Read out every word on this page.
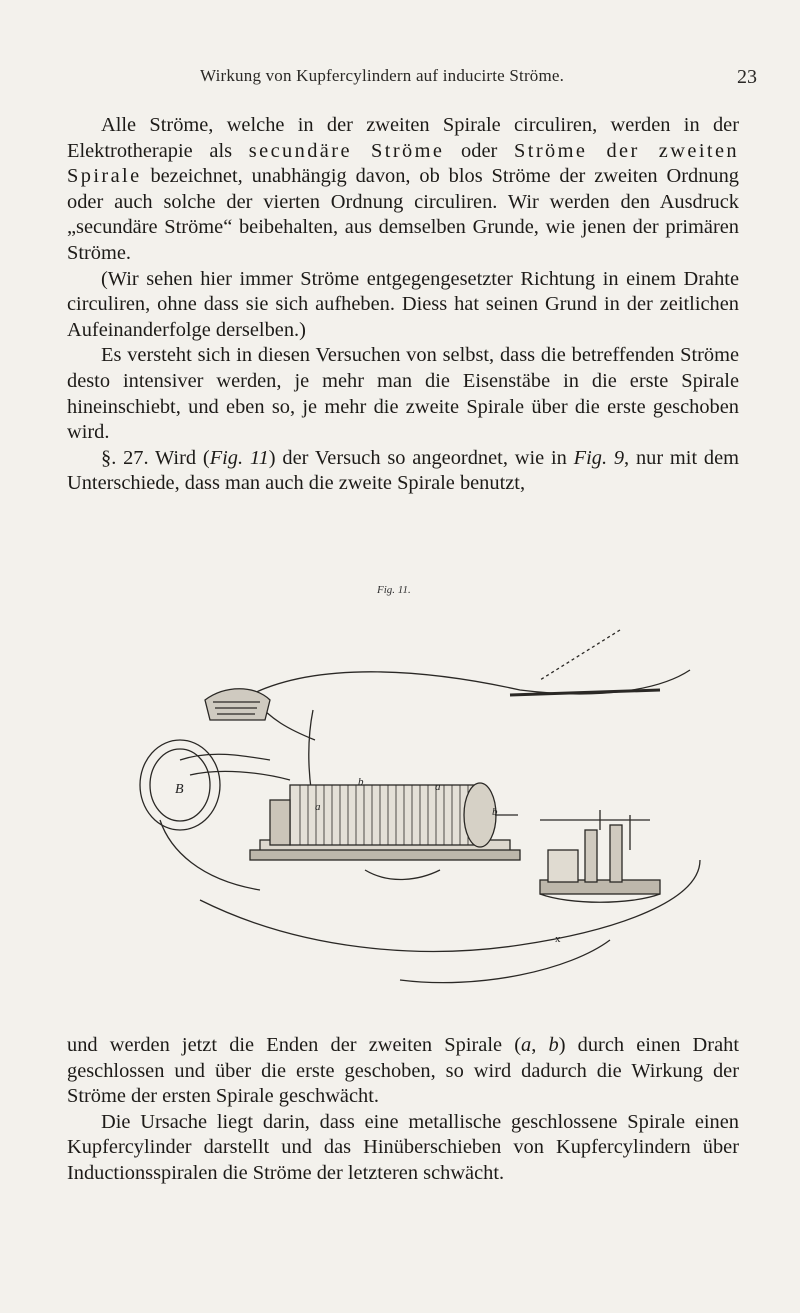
Wirkung von Kupfercylindern auf inducirte Ströme.	23

Alle Ströme, welche in der zweiten Spirale circuliren, werden in der Elektrotherapie als secundäre Ströme oder Ströme der zweiten Spirale bezeichnet, unabhängig davon, ob blos Ströme der zweiten Ordnung oder auch solche der vierten Ordnung circuliren. Wir werden den Ausdruck „secundäre Ströme“ beibehalten, aus demselben Grunde, wie jenen der primären Ströme.

(Wir sehen hier immer Ströme entgegengesetzter Richtung in einem Drahte circuliren, ohne dass sie sich aufheben. Diess hat seinen Grund in der zeitlichen Aufeinanderfolge derselben.)

Es versteht sich in diesen Versuchen von selbst, dass die betreffenden Ströme desto intensiver werden, je mehr man die Eisenstäbe in die erste Spirale hineinschiebt, und eben so, je mehr die zweite Spirale über die erste geschoben wird.

§. 27. Wird (Fig. 11) der Versuch so angeordnet, wie in Fig. 9, nur mit dem Unterschiede, dass man auch die zweite Spirale benutzt,

Fig. 11.
B
a
b	a
b
x

und werden jetzt die Enden der zweiten Spirale (a, b) durch einen Draht geschlossen und über die erste geschoben, so wird dadurch die Wirkung der Ströme der ersten Spirale geschwächt.

Die Ursache liegt darin, dass eine metallische geschlossene Spirale einen Kupfercylinder darstellt und das Hinüberschieben von Kupfercylindern über Inductionsspiralen die Ströme der letzteren schwächt.
